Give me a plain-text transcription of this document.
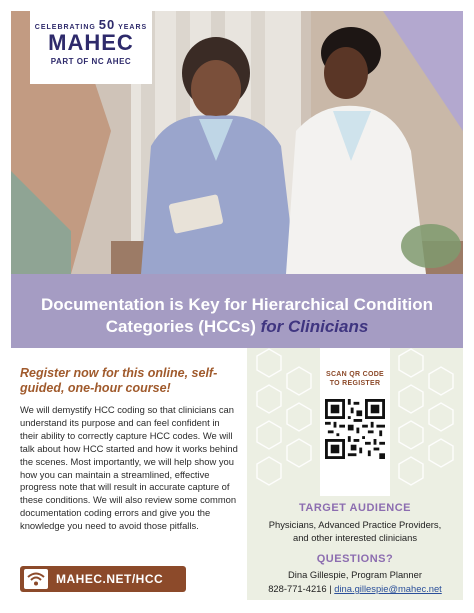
CELEBRATING 50 YEARS
MAHEC
PART OF NC AHEC
Documentation is Key for Hierarchical Condition
Categories (HCCs) for Clinicians

Register now for this online, self-guided, one-hour course!

We will demystify HCC coding so that clinicians can understand its purpose and can feel confident in their ability to correctly capture HCC codes. We will talk about how HCC started and how it works behind the scenes. Most importantly, we will help show you how you can maintain a streamlined, effective progress note that will result in accurate capture of these conditions. We will also review some common documentation coding errors and give you the knowledge you need to avoid those pitfalls.

MAHEC.NET/HCC
SCAN QR CODE
TO REGISTER
TARGET AUDIENCE
Physicians, Advanced Practice Providers,
and other interested clinicians
QUESTIONS?
Dina Gillespie, Program Planner
828-771-4216 | dina.gillespie@mahec.net
